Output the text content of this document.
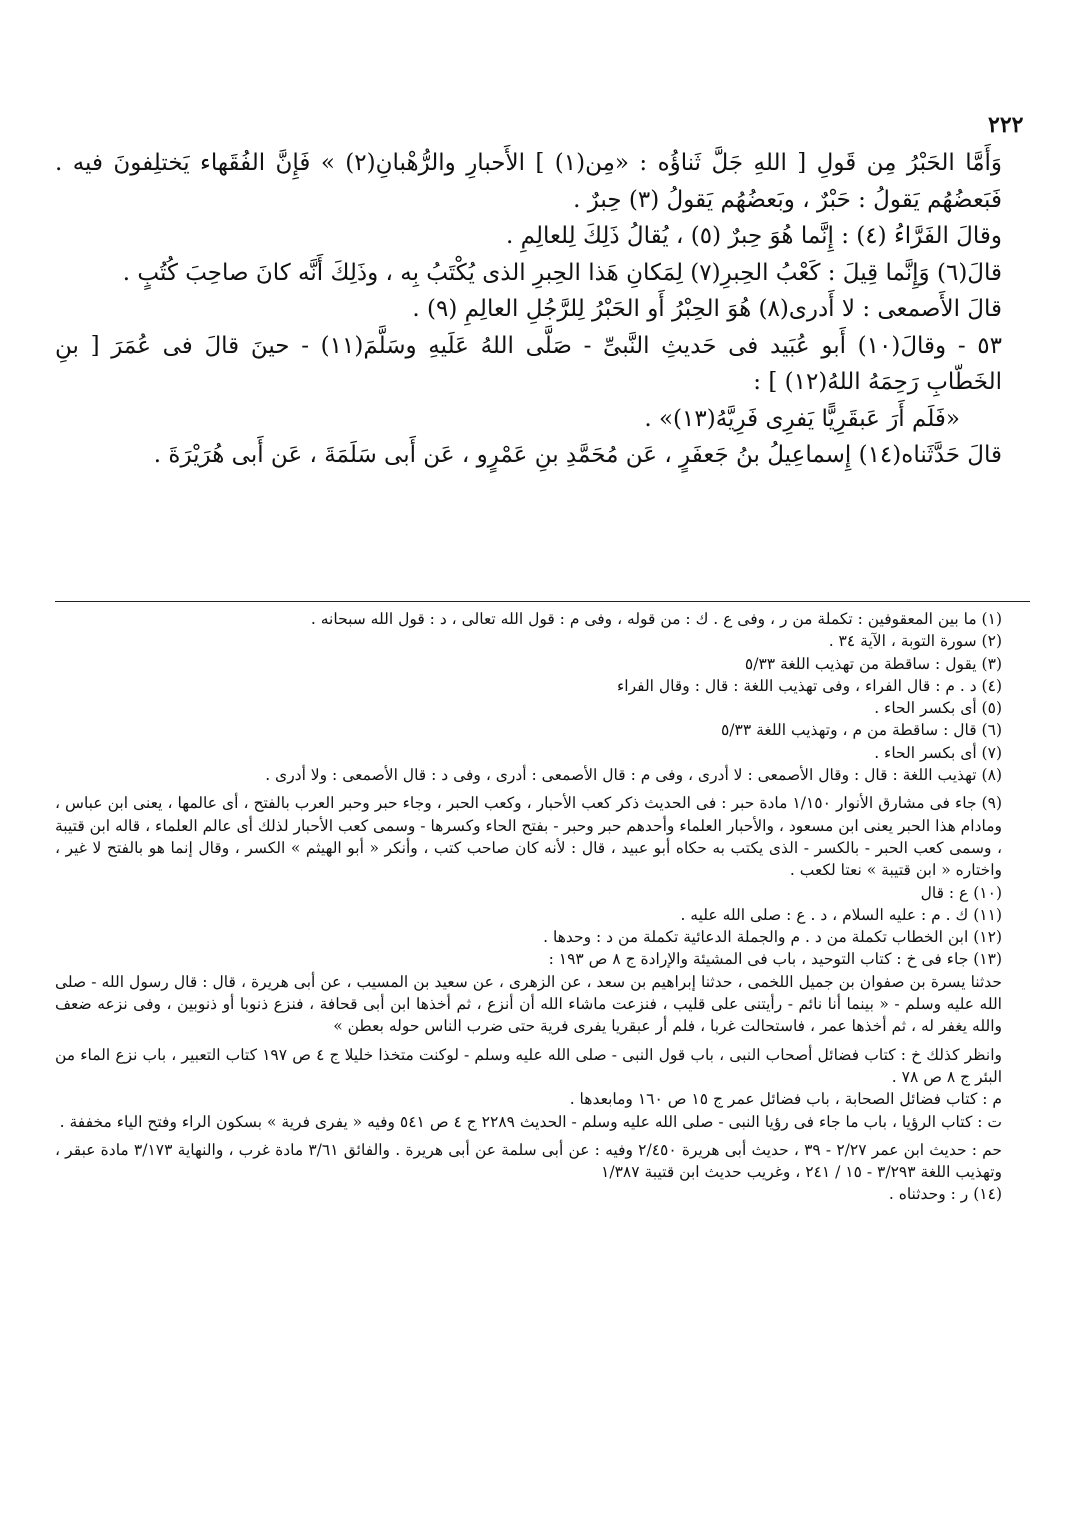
٢٢٢

وَأَمَّا الحَبْرُ مِن قَولِ [ اللهِ جَلَّ ثَناؤُه : «مِن(١) ] الأَحبارِ والرُّهْبانِ(٢) » فَإِنَّ الفُقَهاء يَختلِفونَ فيه . فَبَعضُهُم يَقولُ : حَبْرٌ ، وبَعضُهُم يَقولُ (٣) حِبرٌ .

وقالَ الفَرَّاءُ (٤) : إِنَّما هُوَ حِبرٌ (٥) ، يُقالُ ذَلِكَ لِلعالِمِ .

قالَ(٦) وَإِنَّما قِيلَ : كَعْبُ الحِبرِ(٧) لِمَكانِ هَذا الحِبرِ الذى يُكْتَبُ بِه ، وذَلِكَ أَنَّه كانَ صاحِبَ كُتُبٍ .

قالَ الأَصمعى : لا أَدرى(٨) هُوَ الحِبْرُ أَو الحَبْرُ لِلرَّجُلِ العالِمِ (٩) .

٥٣ - وقالَ(١٠) أَبو عُبَيد فى حَديثِ النَّبىِّ - صَلَّى اللهُ عَلَيهِ وسَلَّمَ(١١) - حينَ قالَ فى عُمَرَ [ بنِ الخَطّابِ رَحِمَهُ اللهُ(١٢) ] :

«فَلَم أَرَ عَبقَرِيًّا يَفرِى فَرِيَّهُ(١٣)» .

قالَ حَدَّثَناه(١٤) إِسماعِيلُ بنُ جَعفَرٍ ، عَن مُحَمَّدِ بنِ عَمْرٍو ، عَن أَبى سَلَمَةَ ، عَن أَبى هُرَيْرَةَ .

(١) ما بين المعقوفين : تكملة من ر ، وفى ع . ك : من قوله ، وفى م : قول الله تعالى ، د : قول الله سبحانه .

(٢) سورة التوبة ، الآية ٣٤ .

(٣) يقول : ساقطة من تهذيب اللغة ٥/٣٣

(٤) د . م : قال الفراء ، وفى تهذيب اللغة : قال : وقال الفراء

(٥) أى بكسر الحاء .

(٦) قال : ساقطة من م ، وتهذيب اللغة ٥/٣٣

(٧) أى بكسر الحاء .

(٨) تهذيب اللغة : قال : وقال الأصمعى : لا أدرى ، وفى م : قال الأصمعى : أدرى ، وفى د : قال الأصمعى : ولا أدرى .

(٩) جاء فى مشارق الأنوار ١/١٥٠ مادة حبر : فى الحديث ذكر كعب الأحبار ، وكعب الحبر ، وجاء حبر وحبر العرب بالفتح ، أى عالمها ، يعنى ابن عباس ، ومادام هذا الحبر يعنى ابن مسعود ، والأحبار العلماء وأحدهم حبر وحبر - بفتح الحاء وكسرها - وسمى كعب الأحبار لذلك أى عالم العلماء ، قاله ابن قتيبة ، وسمى كعب الحبر - بالكسر - الذى يكتب به حكاه أبو عبيد ، قال : لأنه كان صاحب كتب ، وأنكر « أبو الهيثم » الكسر ، وقال إنما هو بالفتح لا غير ، واختاره « ابن قتيبة » نعتا لكعب .

(١٠) ع : قال

(١١) ك . م : عليه السلام ، د . ع : صلى الله عليه .

(١٢) ابن الخطاب تكملة من د . م والجملة الدعائية تكملة من د : وحدها .

(١٣) جاء فى خ : كتاب التوحيد ، باب فى المشيئة والإرادة ج ٨ ص ١٩٣ :

حدثنا يسرة بن صفوان بن جميل اللخمى ، حدثنا إبراهيم بن سعد ، عن الزهرى ، عن سعيد بن المسيب ، عن أبى هريرة ، قال : قال رسول الله - صلى الله عليه وسلم - « بينما أنا نائم - رأيتنى على قليب ، فنزعت ماشاء الله أن أنزع ، ثم أخذها ابن أبى قحافة ، فنزع ذنوبا أو ذنوبين ، وفى نزعه ضعف والله يغفر له ، ثم أخذها عمر ، فاستحالت غربا ، فلم أر عبقريا يفرى فرية حتى ضرب الناس حوله بعطن »

وانظر كذلك خ : كتاب فضائل أصحاب النبى ، باب قول النبى - صلى الله عليه وسلم - لوكنت متخذا خليلا ج ٤ ص ١٩٧ كتاب التعبير ، باب نزع الماء من البئر ج ٨ ص ٧٨ .

م : كتاب فضائل الصحابة ، باب فضائل عمر ج ١٥ ص ١٦٠ ومابعدها .

ت : كتاب الرؤيا ، باب ما جاء فى رؤيا النبى - صلى الله عليه وسلم - الحديث ٢٢٨٩ ج ٤ ص ٥٤١ وفيه « يفرى فرية » بسكون الراء وفتح الياء مخففة .

حم : حديث ابن عمر ٢/٢٧ - ٣٩ ، حديث أبى هريرة ٢/٤٥٠ وفيه : عن أبى سلمة عن أبى هريرة . والفائق ٣/٦١ مادة غرب ، والنهاية ٣/١٧٣ مادة عبقر ، وتهذيب اللغة ٣/٢٩٣ - ١٥ / ٢٤١ ، وغريب حديث ابن قتيبة ١/٣٨٧

(١٤) ر : وحدثناه .
